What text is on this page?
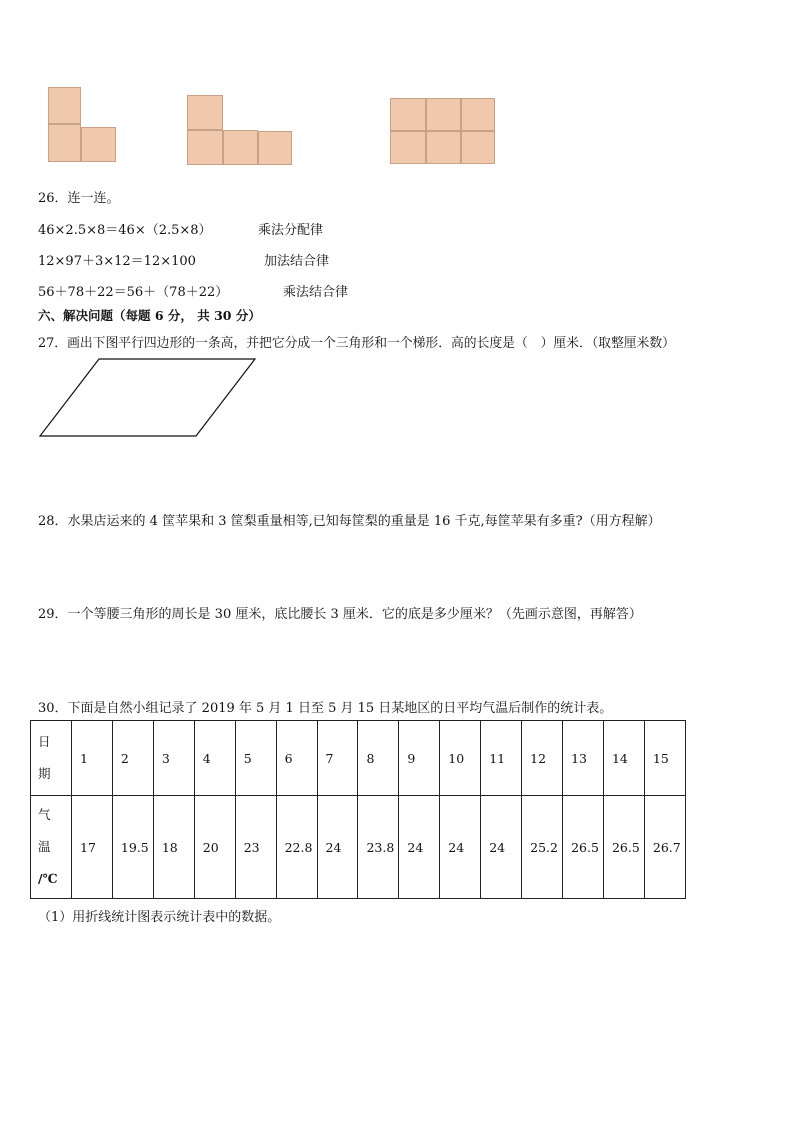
26．连一连。
46×2.5×8＝46×（2.5×8）	乘法分配律
12×97＋3×12＝12×100	加法结合律
56＋78＋22＝56＋（78＋22）	乘法结合律
六、解决问题（每题 6 分， 共 30 分）
27．画出下图平行四边形的一条高，并把它分成一个三角形和一个梯形．高的长度是（　）厘米．（取整厘米数）
28．水果店运来的 4 筐苹果和 3 筐梨重量相等,已知每筐梨的重量是 16 千克,每筐苹果有多重?（用方程解）
29．一个等腰三角形的周长是 30 厘米，底比腰长 3 厘米．它的底是多少厘米？（先画示意图，再解答）
30．下面是自然小组记录了 2019 年 5 月 1 日至 5 月 15 日某地区的日平均气温后制作的统计表。
日
期	1	2	3	4	5	6	7	8	9	10	11	12	13	14	15

气
温
/℃	17	19.5	18	20	23	22.8	24	23.8	24	24	24	25.2	26.5	26.5	26.7
（1）用折线统计图表示统计表中的数据。
